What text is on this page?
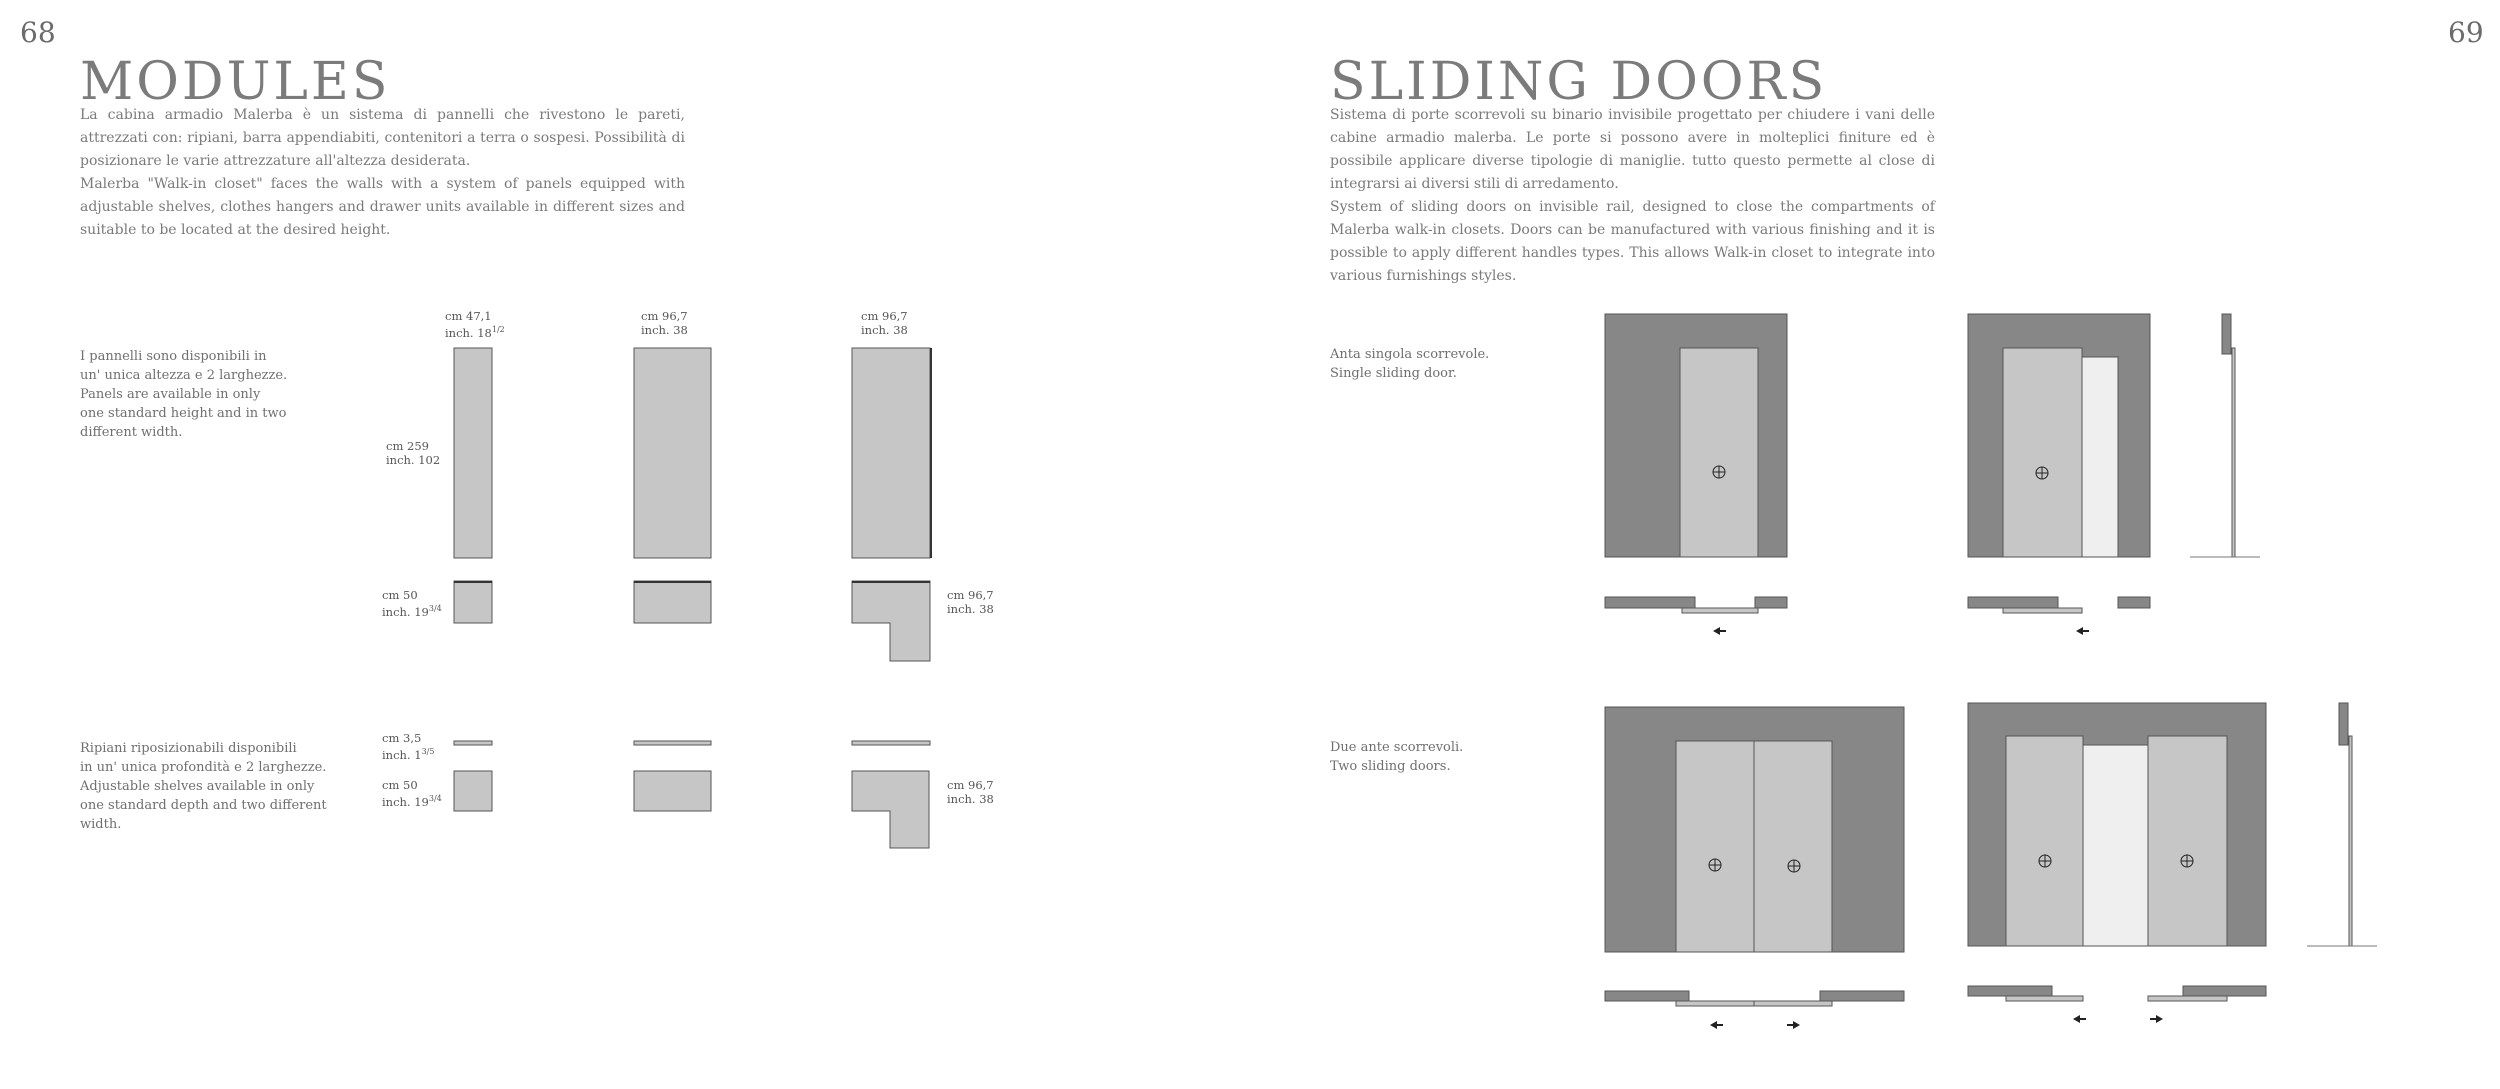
68
MODULES

La cabina armadio Malerba è un sistema di pannelli che rivestono le pareti, attrezzati con: ripiani, barra appendiabiti, contenitori a terra o sospesi. Possibilità di posizionare le varie attrezzature all'altezza desiderata.

Malerba "Walk-in closet" faces the walls with a system of panels equipped with adjustable shelves, clothes hangers and drawer units available in different sizes and suitable to be located at the desired height.

I pannelli sono disponibili in
un' unica altezza e 2 larghezze.
Panels are available in only
one standard height and in two
different width.
Ripiani riposizionabili disponibili
in un' unica profondità e 2 larghezze.
Adjustable shelves available in only
one standard depth and two different
width.
cm 47,1
inch. $18^{1/2}$
cm 96,7
inch. 38
cm 96,7
inch. 38
cm 259
inch. 102
cm 50
inch. $19^{3/4}$
cm 96,7
inch. 38
cm 3,5
inch. $1^{3/5}$
cm 50
inch. $19^{3/4}$
cm 96,7
inch. 38
69
SLIDING DOORS

Sistema di porte scorrevoli su binario invisibile progettato per chiudere i vani delle cabine armadio malerba. Le porte si possono avere in molteplici finiture ed è possibile applicare diverse tipologie di maniglie. tutto questo permette al close di integrarsi ai diversi stili di arredamento.

System of sliding doors on invisible rail, designed to close the compartments of Malerba walk-in closets. Doors can be manufactured with various finishing and it is possible to apply different handles types. This allows Walk-in closet to integrate into various furnishings styles.

Anta singola scorrevole.
Single sliding door.
Due ante scorrevoli.
Two sliding doors.
